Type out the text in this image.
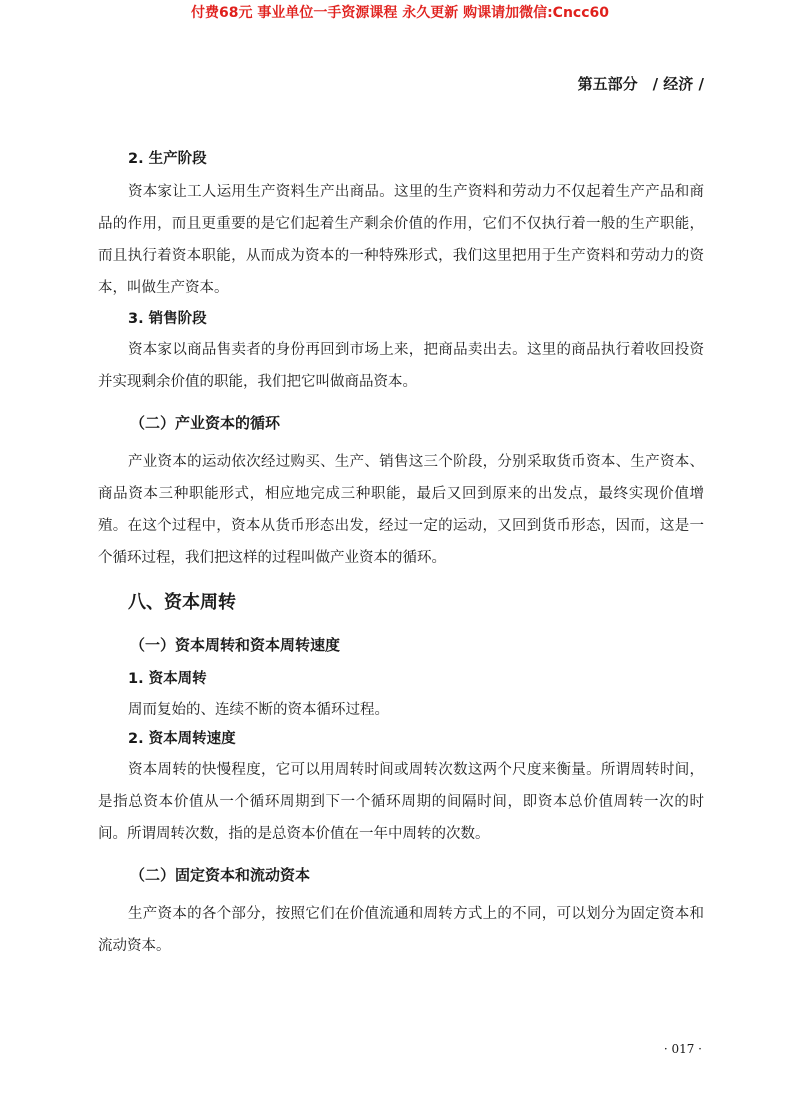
付费68元 事业单位一手资源课程 永久更新 购课请加微信:Cncc60
第五部分　/ 经济 /

2. 生产阶段

资本家让工人运用生产资料生产出商品。这里的生产资料和劳动力不仅起着生产产品和商品的作用，而且更重要的是它们起着生产剩余价值的作用，它们不仅执行着一般的生产职能，而且执行着资本职能，从而成为资本的一种特殊形式，我们这里把用于生产资料和劳动力的资本，叫做生产资本。

3. 销售阶段

资本家以商品售卖者的身份再回到市场上来，把商品卖出去。这里的商品执行着收回投资并实现剩余价值的职能，我们把它叫做商品资本。

（二）产业资本的循环

产业资本的运动依次经过购买、生产、销售这三个阶段，分别采取货币资本、生产资本、商品资本三种职能形式，相应地完成三种职能，最后又回到原来的出发点，最终实现价值增殖。在这个过程中，资本从货币形态出发，经过一定的运动，又回到货币形态，因而，这是一个循环过程，我们把这样的过程叫做产业资本的循环。

八、资本周转

（一）资本周转和资本周转速度

1. 资本周转

周而复始的、连续不断的资本循环过程。

2. 资本周转速度

资本周转的快慢程度，它可以用周转时间或周转次数这两个尺度来衡量。所谓周转时间，是指总资本价值从一个循环周期到下一个循环周期的间隔时间，即资本总价值周转一次的时间。所谓周转次数，指的是总资本价值在一年中周转的次数。

（二）固定资本和流动资本

生产资本的各个部分，按照它们在价值流通和周转方式上的不同，可以划分为固定资本和流动资本。

· 017 ·
